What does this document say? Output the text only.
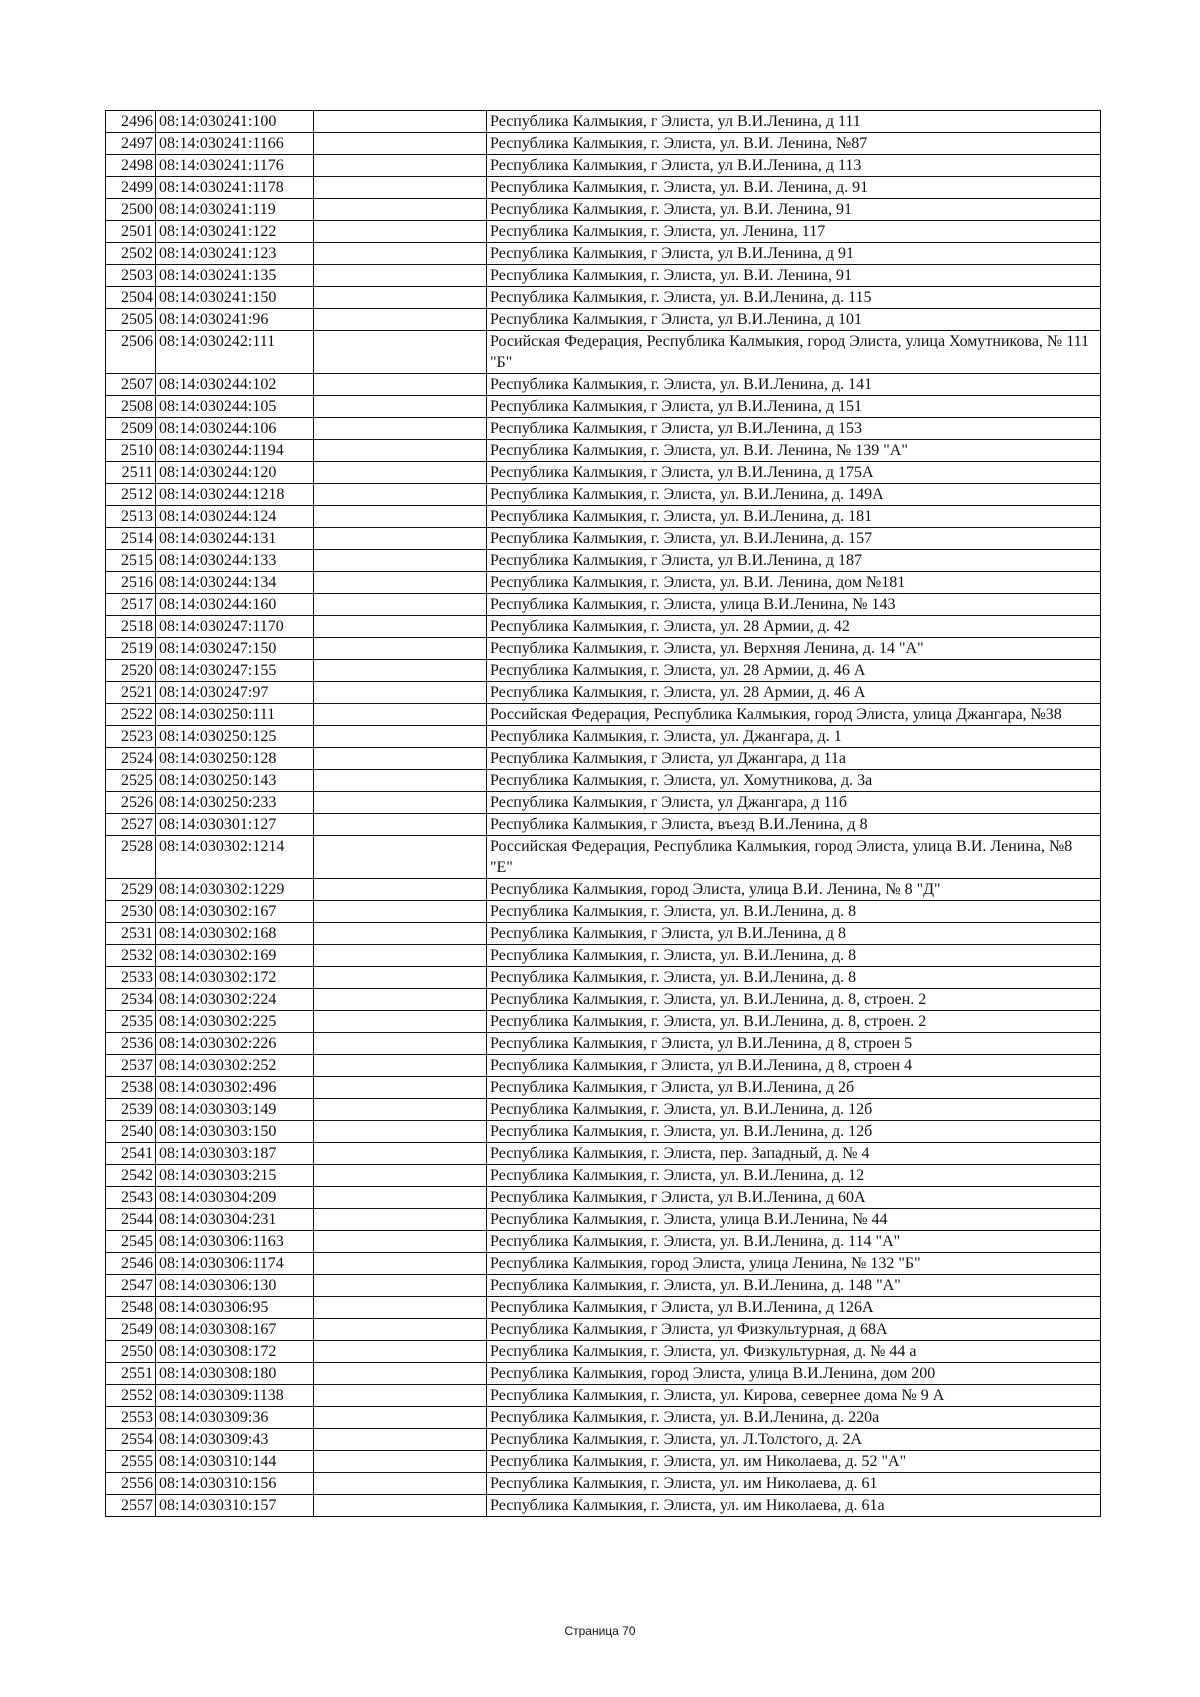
2496	08:14:030241:100		Республика Калмыкия, г Элиста, ул В.И.Ленина, д 111
2497	08:14:030241:1166		Республика Калмыкия, г. Элиста, ул. В.И. Ленина, №87
2498	08:14:030241:1176		Республика Калмыкия, г Элиста, ул В.И.Ленина, д 113
2499	08:14:030241:1178		Республика Калмыкия, г. Элиста, ул. В.И. Ленина, д. 91
2500	08:14:030241:119		Республика Калмыкия, г. Элиста, ул. В.И. Ленина, 91
2501	08:14:030241:122		Республика Калмыкия, г. Элиста, ул. Ленина, 117
2502	08:14:030241:123		Республика Калмыкия, г Элиста, ул В.И.Ленина, д 91
2503	08:14:030241:135		Республика Калмыкия, г. Элиста, ул. В.И. Ленина, 91
2504	08:14:030241:150		Республика Калмыкия, г. Элиста, ул. В.И.Ленина, д. 115
2505	08:14:030241:96		Республика Калмыкия, г Элиста, ул В.И.Ленина, д 101
2506	08:14:030242:111		Росийская Федерация, Республика Калмыкия, город Элиста, улица Хомутникова, № 111 "Б"
2507	08:14:030244:102		Республика Калмыкия, г. Элиста, ул. В.И.Ленина, д. 141
2508	08:14:030244:105		Республика Калмыкия, г Элиста, ул В.И.Ленина, д 151
2509	08:14:030244:106		Республика Калмыкия, г Элиста, ул В.И.Ленина, д 153
2510	08:14:030244:1194		Республика Калмыкия, г. Элиста, ул. В.И. Ленина, № 139 "А"
2511	08:14:030244:120		Республика Калмыкия, г Элиста, ул В.И.Ленина, д 175А
2512	08:14:030244:1218		Республика Калмыкия, г. Элиста, ул. В.И.Ленина, д. 149А
2513	08:14:030244:124		Республика Калмыкия, г. Элиста, ул. В.И.Ленина, д. 181
2514	08:14:030244:131		Республика Калмыкия, г. Элиста, ул. В.И.Ленина, д. 157
2515	08:14:030244:133		Республика Калмыкия, г Элиста, ул В.И.Ленина, д 187
2516	08:14:030244:134		Республика Калмыкия, г. Элиста, ул. В.И. Ленина, дом №181
2517	08:14:030244:160		Республика Калмыкия, г. Элиста, улица В.И.Ленина, № 143
2518	08:14:030247:1170		Республика Калмыкия, г. Элиста, ул. 28 Армии, д. 42
2519	08:14:030247:150		Республика Калмыкия, г. Элиста, ул. Верхняя Ленина, д. 14 "А"
2520	08:14:030247:155		Республика Калмыкия, г. Элиста, ул. 28 Армии, д. 46 А
2521	08:14:030247:97		Республика Калмыкия, г. Элиста, ул. 28 Армии, д. 46 А
2522	08:14:030250:111		Российская Федерация, Республика Калмыкия, город Элиста, улица Джангара, №38
2523	08:14:030250:125		Республика Калмыкия, г. Элиста, ул. Джангара, д. 1
2524	08:14:030250:128		Республика Калмыкия, г Элиста, ул Джангара, д 11а
2525	08:14:030250:143		Республика Калмыкия, г. Элиста, ул. Хомутникова, д. 3а
2526	08:14:030250:233		Республика Калмыкия, г Элиста, ул Джангара, д 11б
2527	08:14:030301:127		Республика Калмыкия, г Элиста, въезд В.И.Ленина, д 8
2528	08:14:030302:1214		Российская Федерация, Республика Калмыкия, город Элиста, улица В.И. Ленина, №8 "Е"
2529	08:14:030302:1229		Республика Калмыкия, город Элиста, улица В.И. Ленина, № 8 "Д"
2530	08:14:030302:167		Республика Калмыкия, г. Элиста, ул. В.И.Ленина, д. 8
2531	08:14:030302:168		Республика Калмыкия, г Элиста, ул В.И.Ленина, д 8
2532	08:14:030302:169		Республика Калмыкия, г. Элиста, ул. В.И.Ленина, д. 8
2533	08:14:030302:172		Республика Калмыкия, г. Элиста, ул. В.И.Ленина, д. 8
2534	08:14:030302:224		Республика Калмыкия, г. Элиста, ул. В.И.Ленина, д. 8, строен. 2
2535	08:14:030302:225		Республика Калмыкия, г. Элиста, ул. В.И.Ленина, д. 8, строен. 2
2536	08:14:030302:226		Республика Калмыкия, г Элиста, ул В.И.Ленина, д 8, строен 5
2537	08:14:030302:252		Республика Калмыкия, г Элиста, ул В.И.Ленина, д 8, строен 4
2538	08:14:030302:496		Республика Калмыкия, г Элиста, ул В.И.Ленина, д 2б
2539	08:14:030303:149		Республика Калмыкия, г. Элиста, ул. В.И.Ленина, д. 12б
2540	08:14:030303:150		Республика Калмыкия, г. Элиста, ул. В.И.Ленина, д. 12б
2541	08:14:030303:187		Республика Калмыкия, г. Элиста, пер. Западный, д. № 4
2542	08:14:030303:215		Республика Калмыкия, г. Элиста, ул. В.И.Ленина, д. 12
2543	08:14:030304:209		Республика Калмыкия, г Элиста, ул В.И.Ленина, д 60А
2544	08:14:030304:231		Республика Калмыкия, г. Элиста, улица В.И.Ленина, № 44
2545	08:14:030306:1163		Республика Калмыкия, г. Элиста, ул. В.И.Ленина, д. 114 "А"
2546	08:14:030306:1174		Республика Калмыкия, город Элиста, улица Ленина, № 132 "Б"
2547	08:14:030306:130		Республика Калмыкия, г. Элиста, ул. В.И.Ленина, д. 148 "А"
2548	08:14:030306:95		Республика Калмыкия, г Элиста, ул В.И.Ленина, д 126А
2549	08:14:030308:167		Республика Калмыкия, г Элиста, ул Физкультурная, д 68А
2550	08:14:030308:172		Республика Калмыкия, г. Элиста, ул. Физкультурная, д. № 44 а
2551	08:14:030308:180		Республика Калмыкия, город Элиста, улица В.И.Ленина, дом 200
2552	08:14:030309:1138		Республика Калмыкия, г. Элиста, ул. Кирова, севернее дома № 9 А
2553	08:14:030309:36		Республика Калмыкия, г. Элиста, ул. В.И.Ленина, д. 220а
2554	08:14:030309:43		Республика Калмыкия, г. Элиста, ул. Л.Толстого, д. 2А
2555	08:14:030310:144		Республика Калмыкия, г. Элиста, ул. им Николаева, д. 52 "А"
2556	08:14:030310:156		Республика Калмыкия, г. Элиста, ул. им Николаева, д. 61
2557	08:14:030310:157		Республика Калмыкия, г. Элиста, ул. им Николаева, д. 61а
Страница 70
